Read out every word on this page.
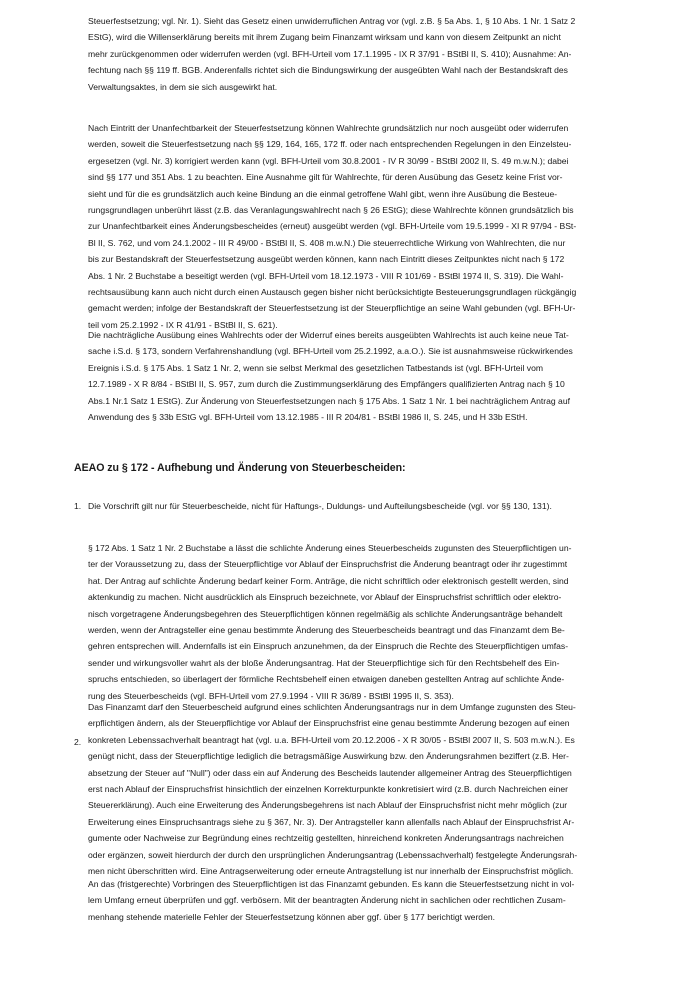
Steuerfestsetzung; vgl. Nr. 1). Sieht das Gesetz einen unwiderruflichen Antrag vor (vgl. z.B. § 5a Abs. 1, § 10 Abs. 1 Nr. 1 Satz 2
EStG), wird die Willenserklärung bereits mit ihrem Zugang beim Finanzamt wirksam und kann von diesem Zeitpunkt an nicht
mehr zurückgenommen oder widerrufen werden (vgl. BFH-Urteil vom 17.1.1995 - IX R 37/91 - BStBl II, S. 410); Ausnahme: An-
fechtung nach §§ 119 ff. BGB. Anderenfalls richtet sich die Bindungswirkung der ausgeübten Wahl nach der Bestandskraft des
Verwaltungsaktes, in dem sie sich ausgewirkt hat.
Nach Eintritt der Unanfechtbarkeit der Steuerfestsetzung können Wahlrechte grundsätzlich nur noch ausgeübt oder widerrufen
werden, soweit die Steuerfestsetzung nach §§ 129, 164, 165, 172 ff. oder nach entsprechenden Regelungen in den Einzelsteu-
ergesetzen (vgl. Nr. 3) korrigiert werden kann (vgl. BFH-Urteil vom 30.8.2001 - IV R 30/99 - BStBl 2002 II, S. 49 m.w.N.); dabei
sind §§ 177 und 351 Abs. 1 zu beachten. Eine Ausnahme gilt für Wahlrechte, für deren Ausübung das Gesetz keine Frist vor-
sieht und für die es grundsätzlich auch keine Bindung an die einmal getroffene Wahl gibt, wenn ihre Ausübung die Besteue-
rungsgrundlagen unberührt lässt (z.B. das Veranlagungswahlrecht nach § 26 EStG); diese Wahlrechte können grundsätzlich bis
zur Unanfechtbarkeit eines Änderungsbescheides (erneut) ausgeübt werden (vgl. BFH-Urteile vom 19.5.1999 - XI R 97/94 - BSt-
Bl II, S. 762, und vom 24.1.2002 - III R 49/00 - BStBl II, S. 408 m.w.N.) Die steuerrechtliche Wirkung von Wahlrechten, die nur
bis zur Bestandskraft der Steuerfestsetzung ausgeübt werden können, kann nach Eintritt dieses Zeitpunktes nicht nach § 172
Abs. 1 Nr. 2 Buchstabe a beseitigt werden (vgl. BFH-Urteil vom 18.12.1973 - VIII R 101/69 - BStBl 1974 II, S. 319). Die Wahl-
rechtsausübung kann auch nicht durch einen Austausch gegen bisher nicht berücksichtigte Besteuerungsgrundlagen rückgängig
gemacht werden; infolge der Bestandskraft der Steuerfestsetzung ist der Steuerpflichtige an seine Wahl gebunden (vgl. BFH-Ur-
teil vom 25.2.1992 - IX R 41/91 - BStBl II, S. 621).
Die nachträgliche Ausübung eines Wahlrechts oder der Widerruf eines bereits ausgeübten Wahlrechts ist auch keine neue Tat-
sache i.S.d. § 173, sondern Verfahrenshandlung (vgl. BFH-Urteil vom 25.2.1992, a.a.O.). Sie ist ausnahmsweise rückwirkendes
Ereignis i.S.d. § 175 Abs. 1 Satz 1 Nr. 2, wenn sie selbst Merkmal des gesetzlichen Tatbestands ist (vgl. BFH-Urteil vom
12.7.1989 - X R 8/84 - BStBl II, S. 957, zum durch die Zustimmungserklärung des Empfängers qualifizierten Antrag nach § 10
Abs.1 Nr.1 Satz 1 EStG). Zur Änderung von Steuerfestsetzungen nach § 175 Abs. 1 Satz 1 Nr. 1 bei nachträglichem Antrag auf
Anwendung des § 33b EStG vgl. BFH-Urteil vom 13.12.1985 - III R 204/81 - BStBl 1986 II, S. 245, und H 33b EStH.
AEAO zu § 172 - Aufhebung und Änderung von Steuerbescheiden:
1. Die Vorschrift gilt nur für Steuerbescheide, nicht für Haftungs-, Duldungs- und Aufteilungsbescheide (vgl. vor §§ 130, 131).
§ 172 Abs. 1 Satz 1 Nr. 2 Buchstabe a lässt die schlichte Änderung eines Steuerbescheids zugunsten des Steuerpflichtigen un-
ter der Voraussetzung zu, dass der Steuerpflichtige vor Ablauf der Einspruchsfrist die Änderung beantragt oder ihr zugestimmt
hat. Der Antrag auf schlichte Änderung bedarf keiner Form. Anträge, die nicht schriftlich oder elektronisch gestellt werden, sind
aktenkundig zu machen. Nicht ausdrücklich als Einspruch bezeichnete, vor Ablauf der Einspruchsfrist schriftlich oder elektro-
nisch vorgetragene Änderungsbegehren des Steuerpflichtigen können regelmäßig als schlichte Änderungsanträge behandelt
werden, wenn der Antragsteller eine genau bestimmte Änderung des Steuerbescheids beantragt und das Finanzamt dem Be-
gehren entsprechen will. Andernfalls ist ein Einspruch anzunehmen, da der Einspruch die Rechte des Steuerpflichtigen umfas-
sender und wirkungsvoller wahrt als der bloße Änderungsantrag. Hat der Steuerpflichtige sich für den Rechtsbehelf des Ein-
spruchs entschieden, so überlagert der förmliche Rechtsbehelf einen etwaigen daneben gestellten Antrag auf schlichte Ände-
rung des Steuerbescheids (vgl. BFH-Urteil vom 27.9.1994 - VIII R 36/89 - BStBl 1995 II, S. 353).
2.
Das Finanzamt darf den Steuerbescheid aufgrund eines schlichten Änderungsantrags nur in dem Umfange zugunsten des Steu-
erpflichtigen ändern, als der Steuerpflichtige vor Ablauf der Einspruchsfrist eine genau bestimmte Änderung bezogen auf einen
konkreten Lebenssachverhalt beantragt hat (vgl. u.a. BFH-Urteil vom 20.12.2006 - X R 30/05 - BStBl 2007 II, S. 503 m.w.N.). Es
genügt nicht, dass der Steuerpflichtige lediglich die betragsmäßige Auswirkung bzw. den Änderungsrahmen beziffert (z.B. Her-
absetzung der Steuer auf "Null") oder dass ein auf Änderung des Bescheids lautender allgemeiner Antrag des Steuerpflichtigen
erst nach Ablauf der Einspruchsfrist hinsichtlich der einzelnen Korrekturpunkte konkretisiert wird (z.B. durch Nachreichen einer
Steuererklärung). Auch eine Erweiterung des Änderungsbegehrens ist nach Ablauf der Einspruchsfrist nicht mehr möglich (zur
Erweiterung eines Einspruchsantrags siehe zu § 367, Nr. 3). Der Antragsteller kann allenfalls nach Ablauf der Einspruchsfrist Ar-
gumente oder Nachweise zur Begründung eines rechtzeitig gestellten, hinreichend konkreten Änderungsantrags nachreichen
oder ergänzen, soweit hierdurch der durch den ursprünglichen Änderungsantrag (Lebenssachverhalt) festgelegte Änderungsrah-
men nicht überschritten wird. Eine Antragserweiterung oder erneute Antragstellung ist nur innerhalb der Einspruchsfrist möglich.
An das (fristgerechte) Vorbringen des Steuerpflichtigen ist das Finanzamt gebunden. Es kann die Steuerfestsetzung nicht in vol-
lem Umfang erneut überprüfen und ggf. verbösern. Mit der beantragten Änderung nicht in sachlichen oder rechtlichen Zusam-
menhang stehende materielle Fehler der Steuerfestsetzung können aber ggf. über § 177 berichtigt werden.
